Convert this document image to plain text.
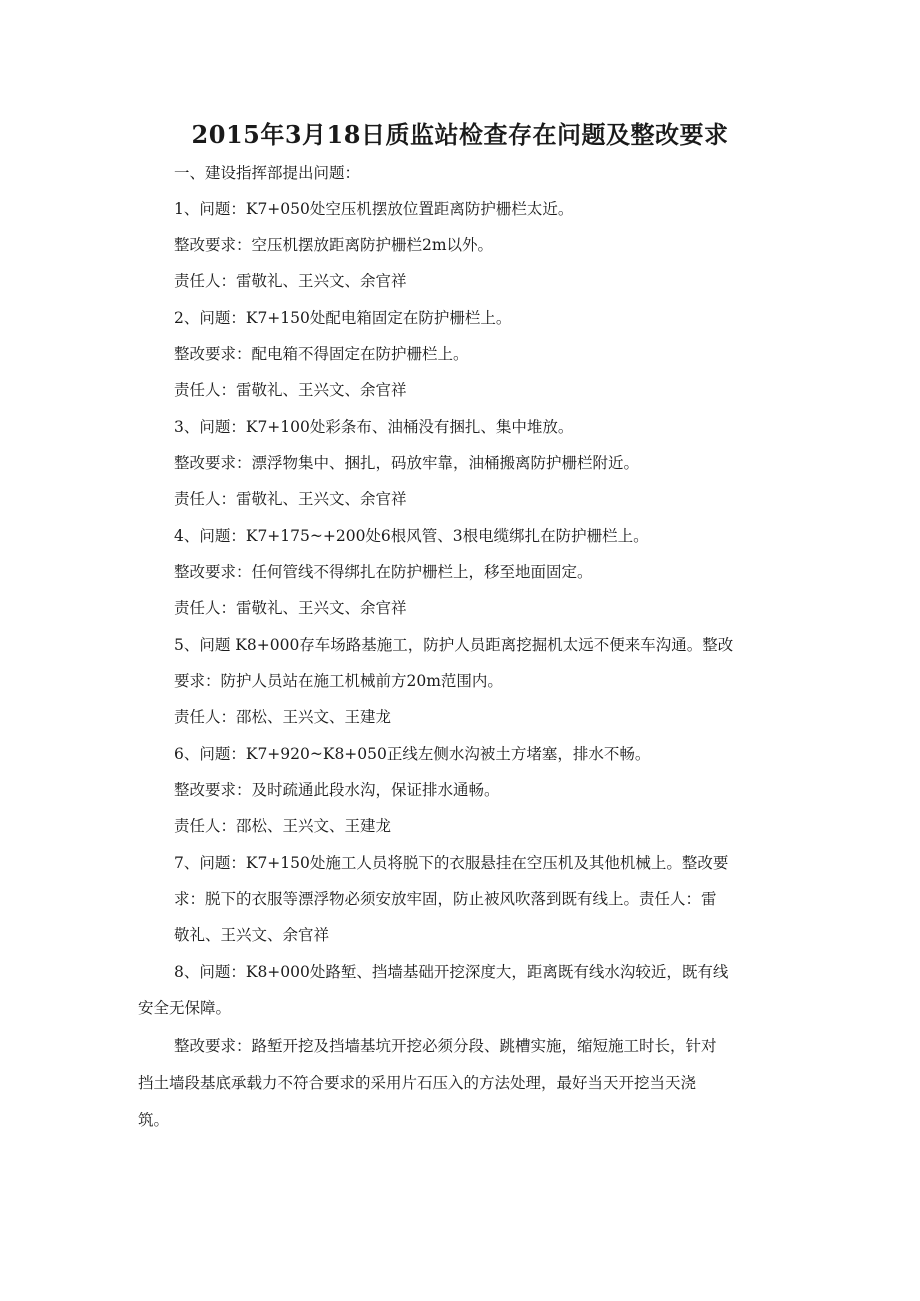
2015年3月18日质监站检查存在问题及整改要求
一、建设指挥部提出问题：
1、问题：K7+050处空压机摆放位置距离防护栅栏太近。
整改要求：空压机摆放距离防护栅栏2m以外。
责任人：雷敬礼、王兴文、余官祥
2、问题：K7+150处配电箱固定在防护栅栏上。
整改要求：配电箱不得固定在防护栅栏上。
责任人：雷敬礼、王兴文、余官祥
3、问题：K7+100处彩条布、油桶没有捆扎、集中堆放。
整改要求：漂浮物集中、捆扎，码放牢靠，油桶搬离防护栅栏附近。
责任人：雷敬礼、王兴文、余官祥
4、问题：K7+175~+200处6根风管、3根电缆绑扎在防护栅栏上。
整改要求：任何管线不得绑扎在防护栅栏上，移至地面固定。
责任人：雷敬礼、王兴文、余官祥
5、问题 K8+000存车场路基施工，防护人员距离挖掘机太远不便来车沟通。整改
要求：防护人员站在施工机械前方20m范围内。
责任人：邵松、王兴文、王建龙
6、问题：K7+920~K8+050正线左侧水沟被土方堵塞，排水不畅。
整改要求：及时疏通此段水沟，保证排水通畅。
责任人：邵松、王兴文、王建龙
7、问题：K7+150处施工人员将脱下的衣服悬挂在空压机及其他机械上。整改要
求：脱下的衣服等漂浮物必须安放牢固，防止被风吹落到既有线上。责任人：雷
敬礼、王兴文、余官祥
8、问题：K8+000处路堑、挡墙基础开挖深度大，距离既有线水沟较近，既有线
安全无保障。
整改要求：路堑开挖及挡墙基坑开挖必须分段、跳槽实施，缩短施工时长，针对
挡土墙段基底承载力不符合要求的采用片石压入的方法处理，最好当天开挖当天浇
筑。
